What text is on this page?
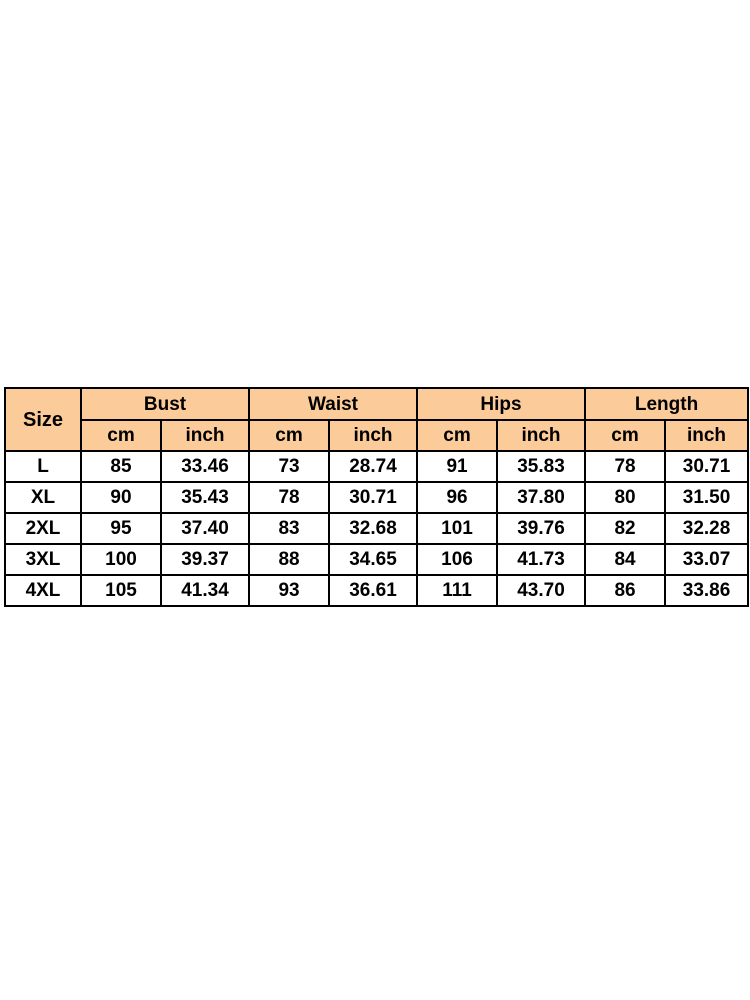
Size	Bust		Waist		Hips		Length	
	cm	inch	cm	inch	cm	inch	cm	inch
L	85	33.46	73	28.74	91	35.83	78	30.71
XL	90	35.43	78	30.71	96	37.80	80	31.50
2XL	95	37.40	83	32.68	101	39.76	82	32.28
3XL	100	39.37	88	34.65	106	41.73	84	33.07
4XL	105	41.34	93	36.61	111	43.70	86	33.86
